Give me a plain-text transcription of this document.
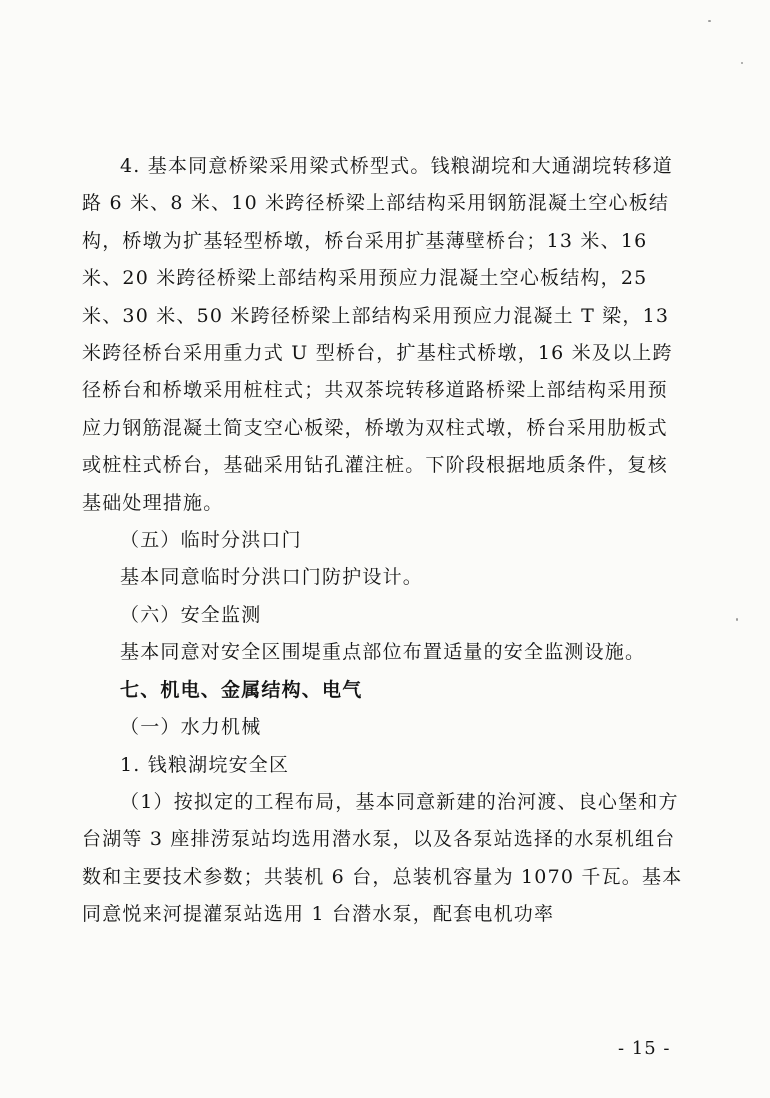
4. 基本同意桥梁采用梁式桥型式。钱粮湖垸和大通湖垸转移道路 6 米、8 米、10 米跨径桥梁上部结构采用钢筋混凝土空心板结构，桥墩为扩基轻型桥墩，桥台采用扩基薄壁桥台；13 米、16 米、20 米跨径桥梁上部结构采用预应力混凝土空心板结构，25 米、30 米、50 米跨径桥梁上部结构采用预应力混凝土 T 梁，13 米跨径桥台采用重力式 U 型桥台，扩基柱式桥墩，16 米及以上跨径桥台和桥墩采用桩柱式；共双茶垸转移道路桥梁上部结构采用预应力钢筋混凝土简支空心板梁，桥墩为双柱式墩，桥台采用肋板式或桩柱式桥台，基础采用钻孔灌注桩。下阶段根据地质条件，复核基础处理措施。

（五）临时分洪口门

基本同意临时分洪口门防护设计。

（六）安全监测

基本同意对安全区围堤重点部位布置适量的安全监测设施。

七、机电、金属结构、电气

（一）水力机械

1. 钱粮湖垸安全区

（1）按拟定的工程布局，基本同意新建的治河渡、良心堡和方台湖等 3 座排涝泵站均选用潜水泵，以及各泵站选择的水泵机组台数和主要技术参数；共装机 6 台，总装机容量为 1070 千瓦。基本同意悦来河提灌泵站选用 1 台潜水泵，配套电机功率

- 15 -
